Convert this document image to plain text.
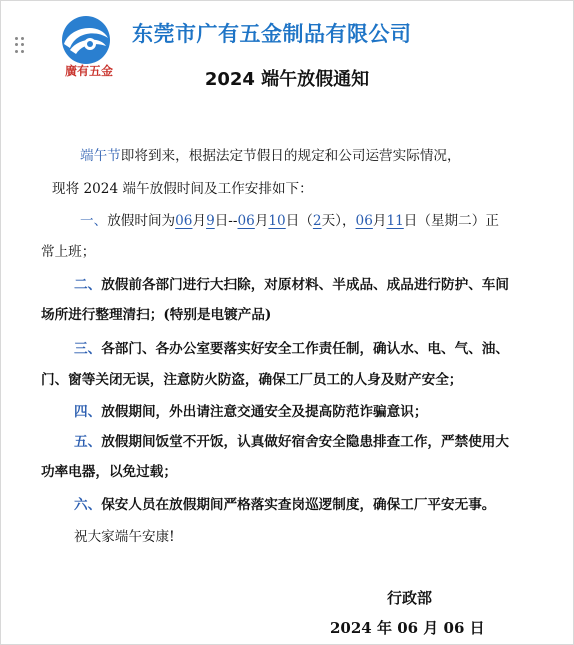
廣有五金
东莞市广有五金制品有限公司
2024 端午放假通知
端午节即将到来，根据法定节假日的规定和公司运营实际情况，
现将 2024 端午放假时间及工作安排如下：
一、放假时间为06月9日--06月10日（2天），06月11日（星期二）正
常上班；
二、放假前各部门进行大扫除，对原材料、半成品、成品进行防护、车间
场所进行整理清扫；(特别是电镀产品)
三、各部门、各办公室要落实好安全工作责任制，确认水、电、气、油、
门、窗等关闭无误，注意防火防盗，确保工厂员工的人身及财产安全；
四、放假期间，外出请注意交通安全及提高防范诈骗意识；
五、放假期间饭堂不开饭，认真做好宿舍安全隐患排查工作，严禁使用大
功率电器，以免过载；
六、保安人员在放假期间严格落实查岗巡逻制度，确保工厂平安无事。
祝大家端午安康!
行政部
2024 年 06 月 06 日
